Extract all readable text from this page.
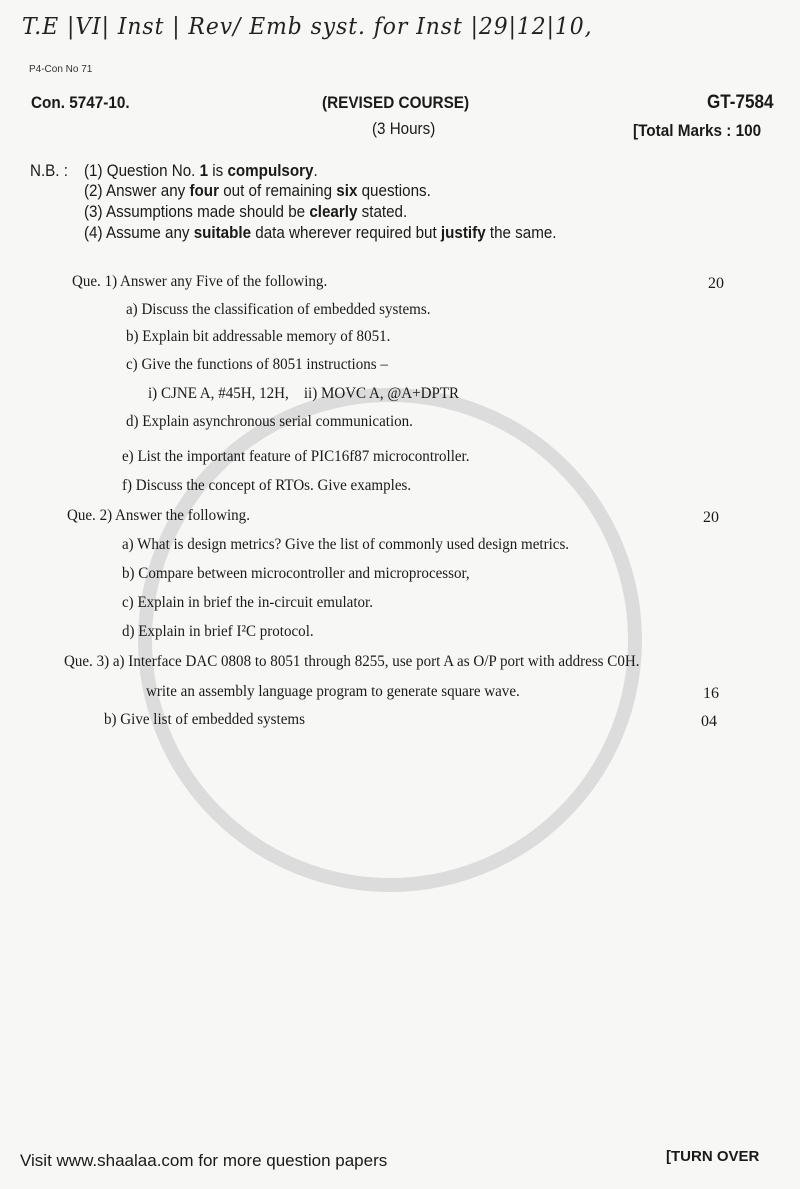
T.E |VI| Inst | Rev/ Emb syst. for Inst |29|12|10,
P4-Con No 71
Con. 5747-10.	(REVISED COURSE)	GT-7584
(3 Hours)	[Total Marks : 100
N.B. : (1) Question No. 1 is compulsory.
(2) Answer any four out of remaining six questions.
(3) Assumptions made should be clearly stated.
(4) Assume any suitable data wherever required but justify the same.
Que. 1) Answer any Five of the following.	20
a) Discuss the classification of embedded systems.
b) Explain bit addressable memory of 8051.
c) Give the functions of 8051 instructions –
i) CJNE A, #45H, 12H,    ii) MOVC A, @A+DPTR
d) Explain asynchronous serial communication.
e) List the important feature of PIC16f87 microcontroller.
f) Discuss the concept of RTOs. Give examples.
Que. 2) Answer the following.	20
a) What is design metrics? Give the list of commonly used design metrics.
b) Compare between microcontroller and microprocessor,
c) Explain in brief the in-circuit emulator.
d) Explain in brief I²C protocol.
Que. 3) a) Interface DAC 0808 to 8051 through 8255, use port A as O/P port with address C0H.
write an assembly language program to generate square wave.	16
b) Give list of embedded systems	04
Visit www.shaalaa.com for more question papers	[TURN OVER
